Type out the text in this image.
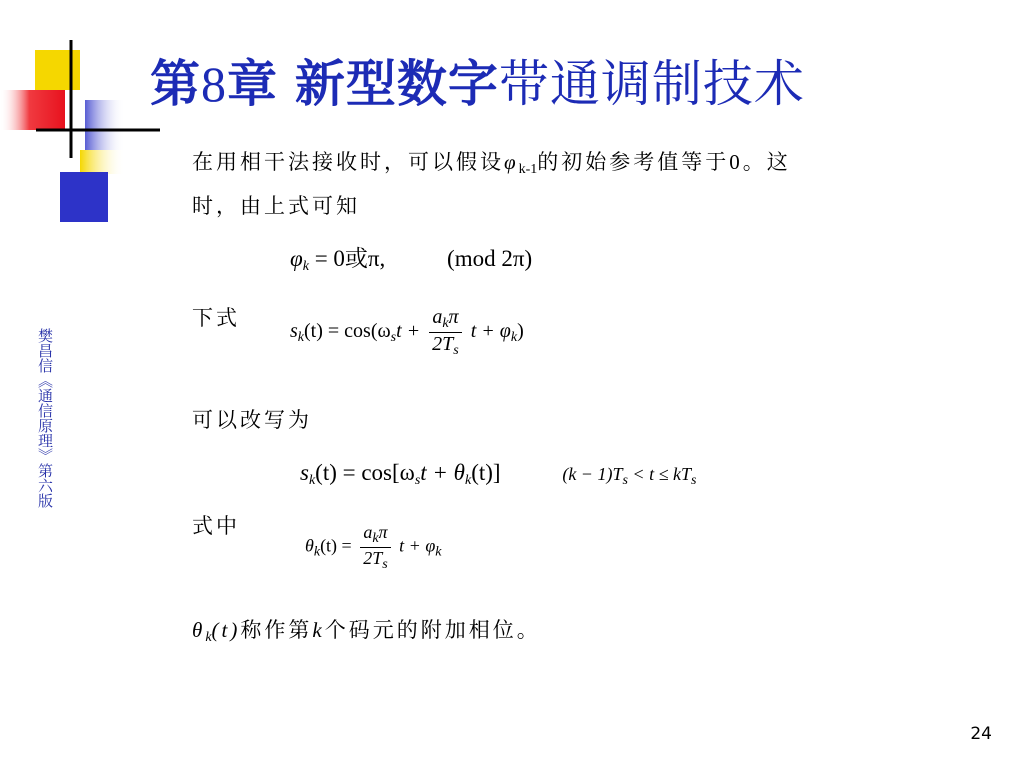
第8章 新型数字带通调制技术
樊昌信《通信原理》第六版
在用相干法接收时，可以假设$\varphi_{k-1}$的初始参考值等于0。这
时，由上式可知
$\varphi_k = 0$或π,	(mod 2π)
下式
$s_k(t) = \cos(\omega_st + \frac{a_k\pi}{2T_s}$ $t + \varphi_k$)
可以改写为
$s_k(t) = \cos[\omega_st + \theta_k(t)]$	$(k - 1)T_s < t \le kT_s$
式中
$\theta_k(t) = \frac{a_k\pi}{2T_s}$ $t + \varphi_k$
$\theta_k(t)$称作第k个码元的附加相位。
24
